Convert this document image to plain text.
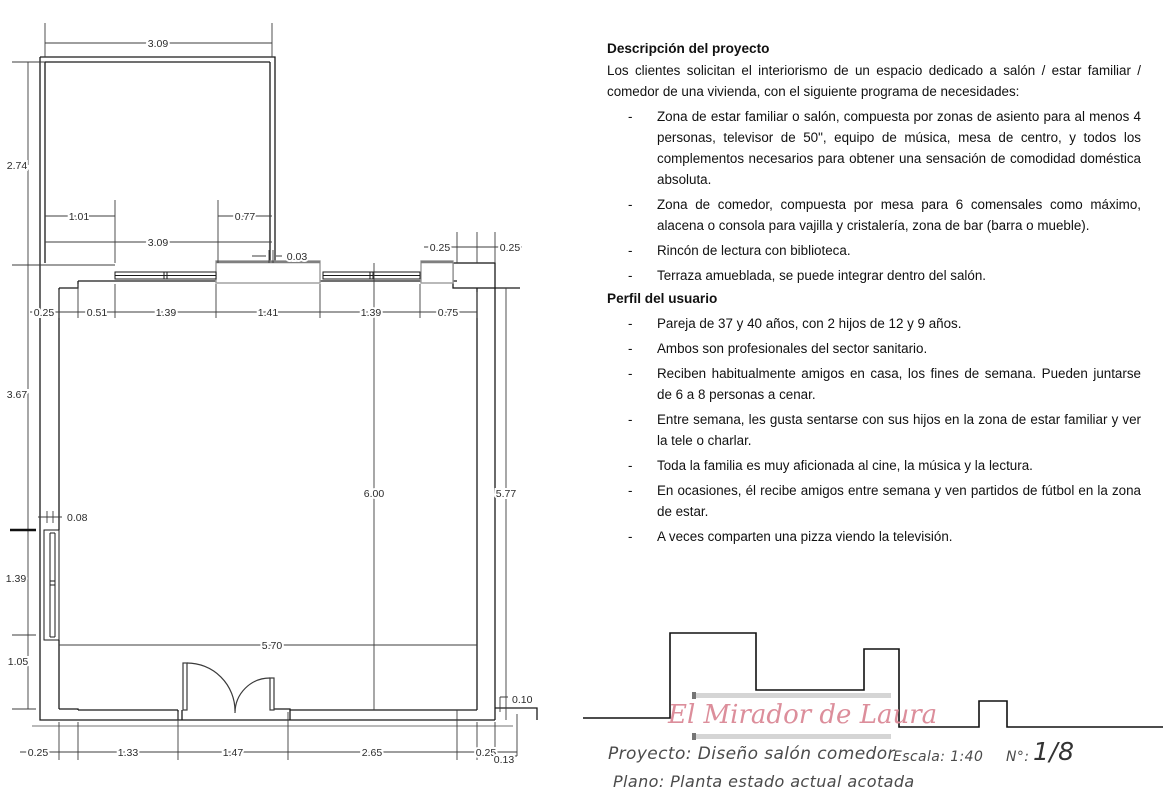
3.09
2.74
1.01	0.77
3.09
0.03
0.25	0.25
0.25	0.51	1.39	1.41	1.39	0.75
3.67
0.08
1.39
1.05
6.00	5.77
5.70
0.25	1.33	1.47	2.65	0.25
0.13
0.10
Descripción del proyecto

Los clientes solicitan el interiorismo de un espacio dedicado a salón / estar familiar / comedor de una vivienda, con el siguiente programa de necesidades:

-	Zona de estar familiar o salón, compuesta por zonas de asiento para al menos 4 personas, televisor de 50", equipo de música, mesa de centro, y todos los complementos necesarios para obtener una sensación de comodidad doméstica absoluta.
-	Zona de comedor, compuesta por mesa para 6 comensales como máximo, alacena o consola para vajilla y cristalería, zona de bar (barra o mueble).
-	Rincón de lectura con biblioteca.
-	Terraza amueblada, se puede integrar dentro del salón.
Perfil del usuario
-	Pareja de 37 y 40 años, con 2 hijos de 12 y 9 años.
-	Ambos son profesionales del sector sanitario.
-	Reciben habitualmente amigos en casa, los fines de semana. Pueden juntarse de 6 a 8 personas a cenar.
-	Entre semana, les gusta sentarse con sus hijos en la zona de estar familiar y ver la tele o charlar.
-	Toda la familia es muy aficionada al cine, la música y la lectura.
-	En ocasiones, él recibe amigos entre semana y ven partidos de fútbol en la zona de estar.
-	A veces comparten una pizza viendo la televisión.
El Mirador de Laura
Proyecto: Diseño salón comedor
Plano: Planta estado actual acotada
Escala: 1:40 N°: 1/8
